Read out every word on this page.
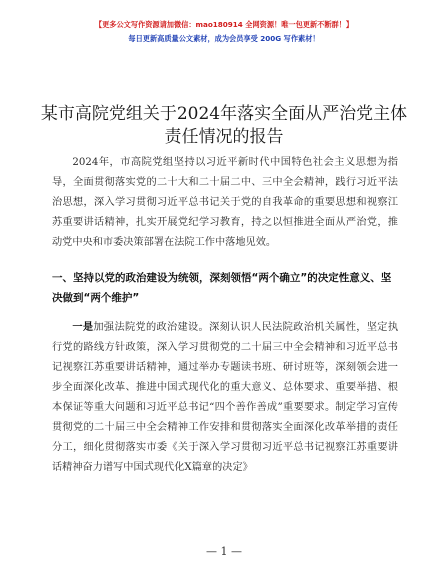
【更多公文写作资源请加微信：mao180914 全网资源！唯一包更新不断群！】
每日更新高质量公文素材，成为会员享受 200G 写作素材！
某市高院党组关于2024年落实全面从严治党主体
责任情况的报告
2024年，市高院党组坚持以习近平新时代中国特色社会主义思想为指导，全面贯彻落实党的二十大和二十届二中、三中全会精神，践行习近平法治思想，深入学习贯彻习近平总书记关于党的自我革命的重要思想和视察江苏重要讲话精神，扎实开展党纪学习教育，持之以恒推进全面从严治党，推动党中央和市委决策部署在法院工作中落地见效。
一、坚持以党的政治建设为统领，深刻领悟“两个确立”的决定性意义、坚决做到“两个维护”
一是加强法院党的政治建设。深刻认识人民法院政治机关属性，坚定执行党的路线方针政策，深入学习贯彻党的二十届三中全会精神和习近平总书记视察江苏重要讲话精神，通过举办专题读书班、研讨班等，深刻领会进一步全面深化改革、推进中国式现代化的重大意义、总体要求、重要举措、根本保证等重大问题和习近平总书记“四个善作善成”重要要求。制定学习宣传贯彻党的二十届三中全会精神工作安排和贯彻落实全面深化改革举措的责任分工，细化贯彻落实市委《关于深入学习贯彻习近平总书记视察江苏重要讲话精神奋力谱写中国式现代化X篇章的决定》
— 1 —
